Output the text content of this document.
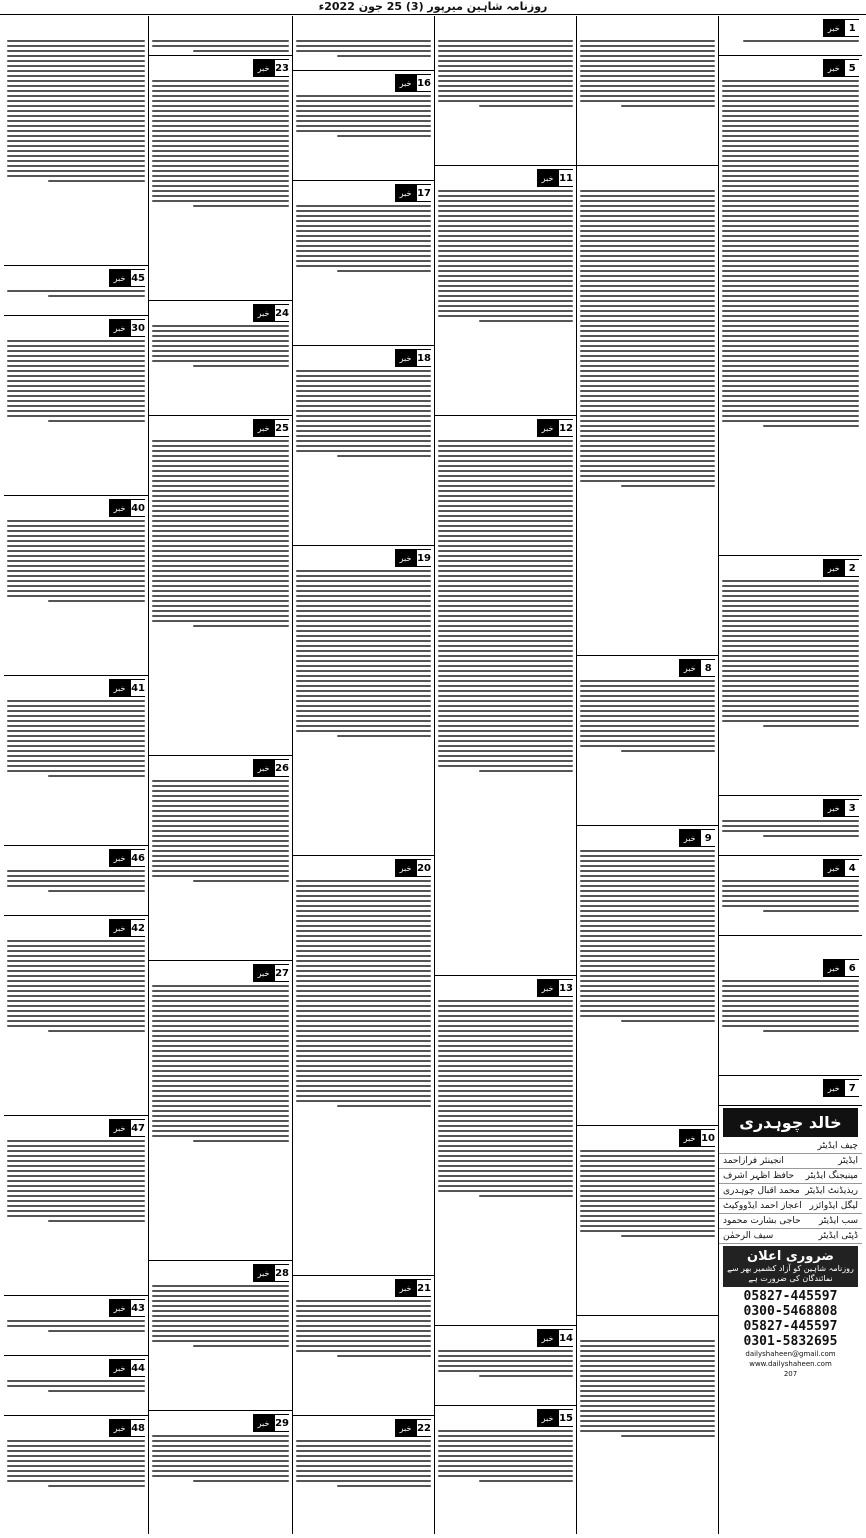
روزنامہ شاہین میرپور (3) 25 جون 2022ء
خبر 1
خبر 5
خبر 2
خبر 3
خبر 4
خبر 6
خبر 7
خالد چوہدری
چیف ایڈیٹر
ایڈیٹر
انجینئر فرازاحمد
مینیجنگ ایڈیٹر
حافظ اظہر اشرف
ریذیڈنٹ ایڈیٹر
محمد اقبال چوہدری
لیگل ایڈوائزر
اعجاز احمد ایڈووکیٹ
سب ایڈیٹر
حاجی بشارت محمود
ڈپٹی ایڈیٹر
سیف الرحمٰن
ضروری اعلان
روزنامہ شاہین کو آزاد کشمیر بھر سے نمائندگان کی ضرورت ہے
05827-445597
0300-5468808
05827-445597
0301-5832695
dailyshaheen@gmail.com
www.dailyshaheen.com
207
خبر 8
خبر 9
خبر 10
خبر 11
خبر 12
خبر 13
خبر 14
خبر 15
خبر 16
خبر 17
خبر 18
خبر 19
خبر 20
خبر 21
خبر 22
خبر 23
خبر 24
خبر 25
خبر 26
خبر 27
خبر 28
خبر 29
خبر 45
خبر 30
خبر 40
خبر 41
خبر 46
خبر 42
خبر 47
خبر 43
خبر 44
خبر 48
